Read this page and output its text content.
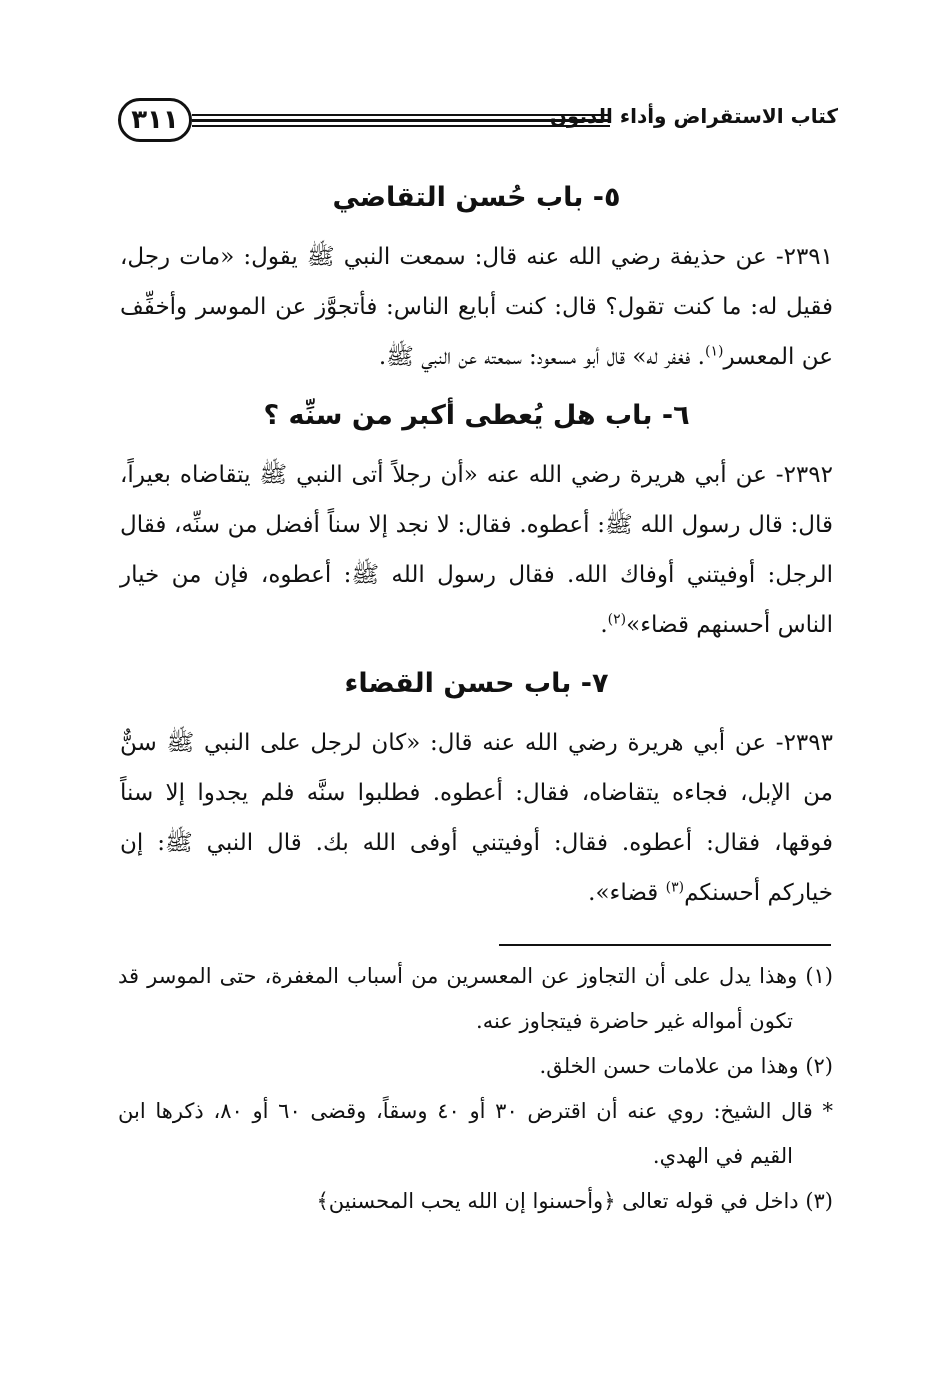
٣١١	كتاب الاستقراض وأداء الديون
٥- باب حُسن التقاضي

٢٣٩١- عن حذيفة رضي الله عنه قال: سمعت النبي ﷺ يقول: «مات رجل، فقيل له: ما كنت تقول؟ قال: كنت أبايع الناس: فأتجوَّز عن الموسر وأخفِّف عن المعسر$^{(١)}$. فغفر له» قال أبو مسعود: سمعته عن النبي ﷺ.

٦- باب هل يُعطى أكبر من سنِّه ؟

٢٣٩٢- عن أبي هريرة رضي الله عنه «أن رجلاً أتى النبي ﷺ يتقاضاه بعيراً، قال: قال رسول الله ﷺ: أعطوه. فقال: لا نجد إلا سناً أفضل من سنِّه، فقال الرجل: أوفيتني أوفاك الله. فقال رسول الله ﷺ: أعطوه، فإن من خيار الناس أحسنهم قضاء»$^{(٢)}$.

٧- باب حسن القضاء

٢٣٩٣- عن أبي هريرة رضي الله عنه قال: «كان لرجل على النبي ﷺ سنٌّ من الإبل، فجاءه يتقاضاه، فقال: أعطوه. فطلبوا سنَّه فلم يجدوا إلا سناً فوقها، فقال: أعطوه. فقال: أوفيتني أوفى الله بك. قال النبي ﷺ: إن خياركم أحسنكم$^{(٣)}$ قضاء».

(١) وهذا يدل على أن التجاوز عن المعسرين من أسباب المغفرة، حتى الموسر قد تكون أمواله غير حاضرة فيتجاوز عنه.

(٢) وهذا من علامات حسن الخلق.

* قال الشيخ: روي عنه أن اقترض ٣٠ أو ٤٠ وسقاً، وقضى ٦٠ أو ٨٠، ذكرها ابن القيم في الهدي.

(٣) داخل في قوله تعالى ﴿وأحسنوا إن الله يحب المحسنين﴾
